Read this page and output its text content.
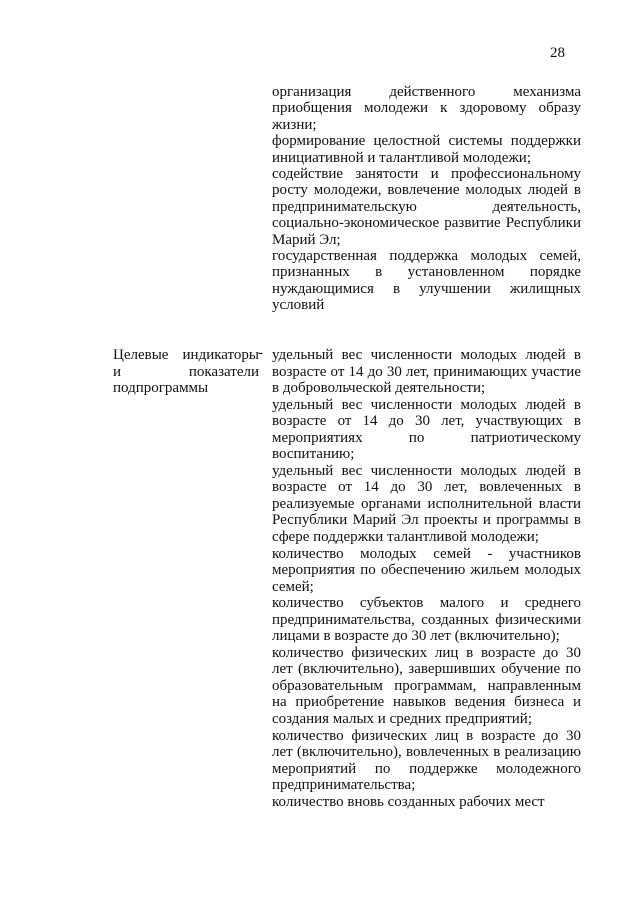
28

организация действенного механизма приобщения молодежи к здоровому образу жизни;

формирование целостной системы поддержки инициативной и талантливой молодежи;

содействие занятости и профессиональному росту молодежи, вовлечение молодых людей в предпринимательскую деятельность, социально-экономическое развитие Республики Марий Эл;

государственная поддержка молодых семей, признанных в установленном порядке нуждающимися в улучшении жилищных условий

Целевые индикаторы и показатели подпрограммы

- удельный вес численности молодых людей в возрасте от 14 до 30 лет, принимающих участие в добровольческой деятельности;

удельный вес численности молодых людей в возрасте от 14 до 30 лет, участвующих в мероприятиях по патриотическому воспитанию;

удельный вес численности молодых людей в возрасте от 14 до 30 лет, вовлеченных в реализуемые органами исполнительной власти Республики Марий Эл проекты и программы в сфере поддержки талантливой молодежи;

количество молодых семей - участников мероприятия по обеспечению жильем молодых семей;

количество субъектов малого и среднего предпринимательства, созданных физическими лицами в возрасте до 30 лет (включительно);

количество физических лиц в возрасте до 30 лет (включительно), завершивших обучение по образовательным программам, направленным на приобретение навыков ведения бизнеса и создания малых и средних предприятий;

количество физических лиц в возрасте до 30 лет (включительно), вовлеченных в реализацию мероприятий по поддержке молодежного предпринимательства;

количество вновь созданных рабочих мест
